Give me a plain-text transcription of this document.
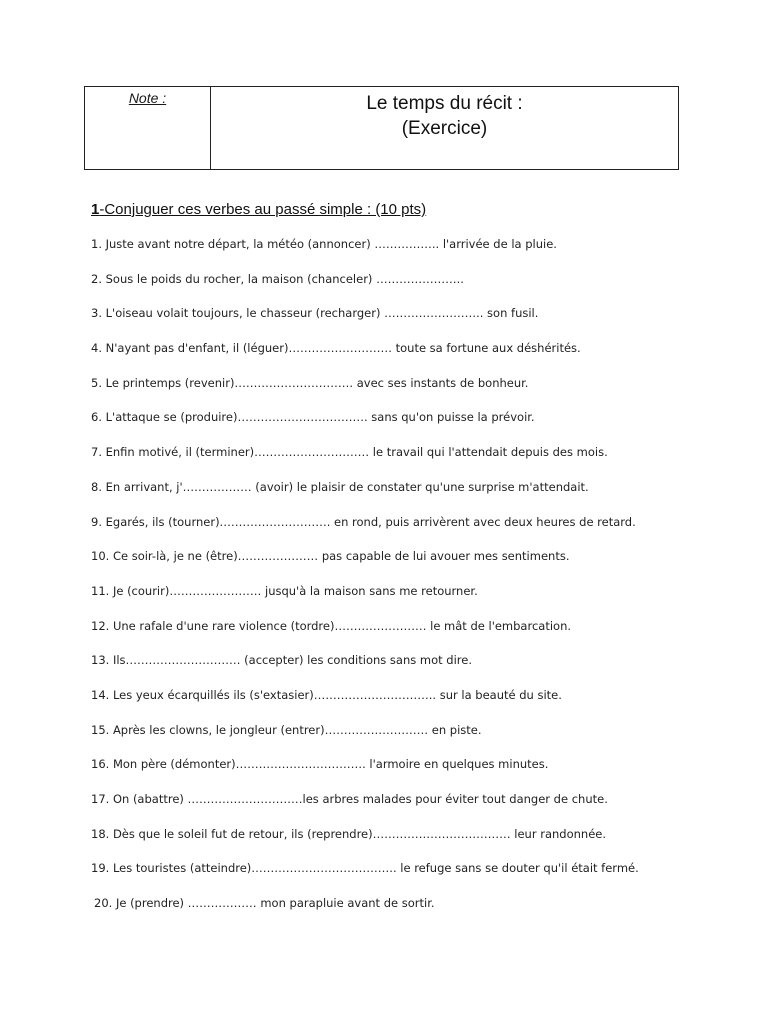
Note :	Le temps du récit :
(Exercice)
1-Conjuguer ces verbes au passé simple : (10 pts)
1. Juste avant notre départ, la météo (annoncer) …………….. l'arrivée de la pluie.
2. Sous le poids du rocher, la maison (chanceler) …………………..
3. L'oiseau volait toujours, le chasseur (recharger) …………………….. son fusil.
4. N'ayant pas d'enfant, il (léguer)……………………… toute sa fortune aux déshérités.
5. Le printemps (revenir)…………………………. avec ses instants de bonheur.
6. L'attaque se (produire)……………………………. sans qu'on puisse la prévoir.
7. Enfin motivé, il (terminer)………………………… le travail qui l'attendait depuis des mois.
8. En arrivant, j'……………… (avoir) le plaisir de constater qu'une surprise m'attendait.
9. Egarés, ils (tourner).………………………. en rond, puis arrivèrent avec deux heures de retard.
10. Ce soir-là, je ne (être)………………… pas capable de lui avouer mes sentiments.
11. Je (courir)…………………… jusqu'à la maison sans me retourner.
12. Une rafale d'une rare violence (tordre)…………………… le mât de l'embarcation.
13. Ils………………………… (accepter) les conditions sans mot dire.
14. Les yeux écarquillés ils (s'extasier)………………………….. sur la beauté du site.
15. Après les clowns, le jongleur (entrer)……………………… en piste.
16. Mon père (démonter)……………………………. l'armoire en quelques minutes.
17. On (abattre) …………………………les arbres malades pour éviter tout danger de chute.
18. Dès que le soleil fut de retour, ils (reprendre)……………………………… leur randonnée.
19. Les touristes (atteindre)……………………………….. le refuge sans se douter qu'il était fermé.
20. Je (prendre) ……………… mon parapluie avant de sortir.
